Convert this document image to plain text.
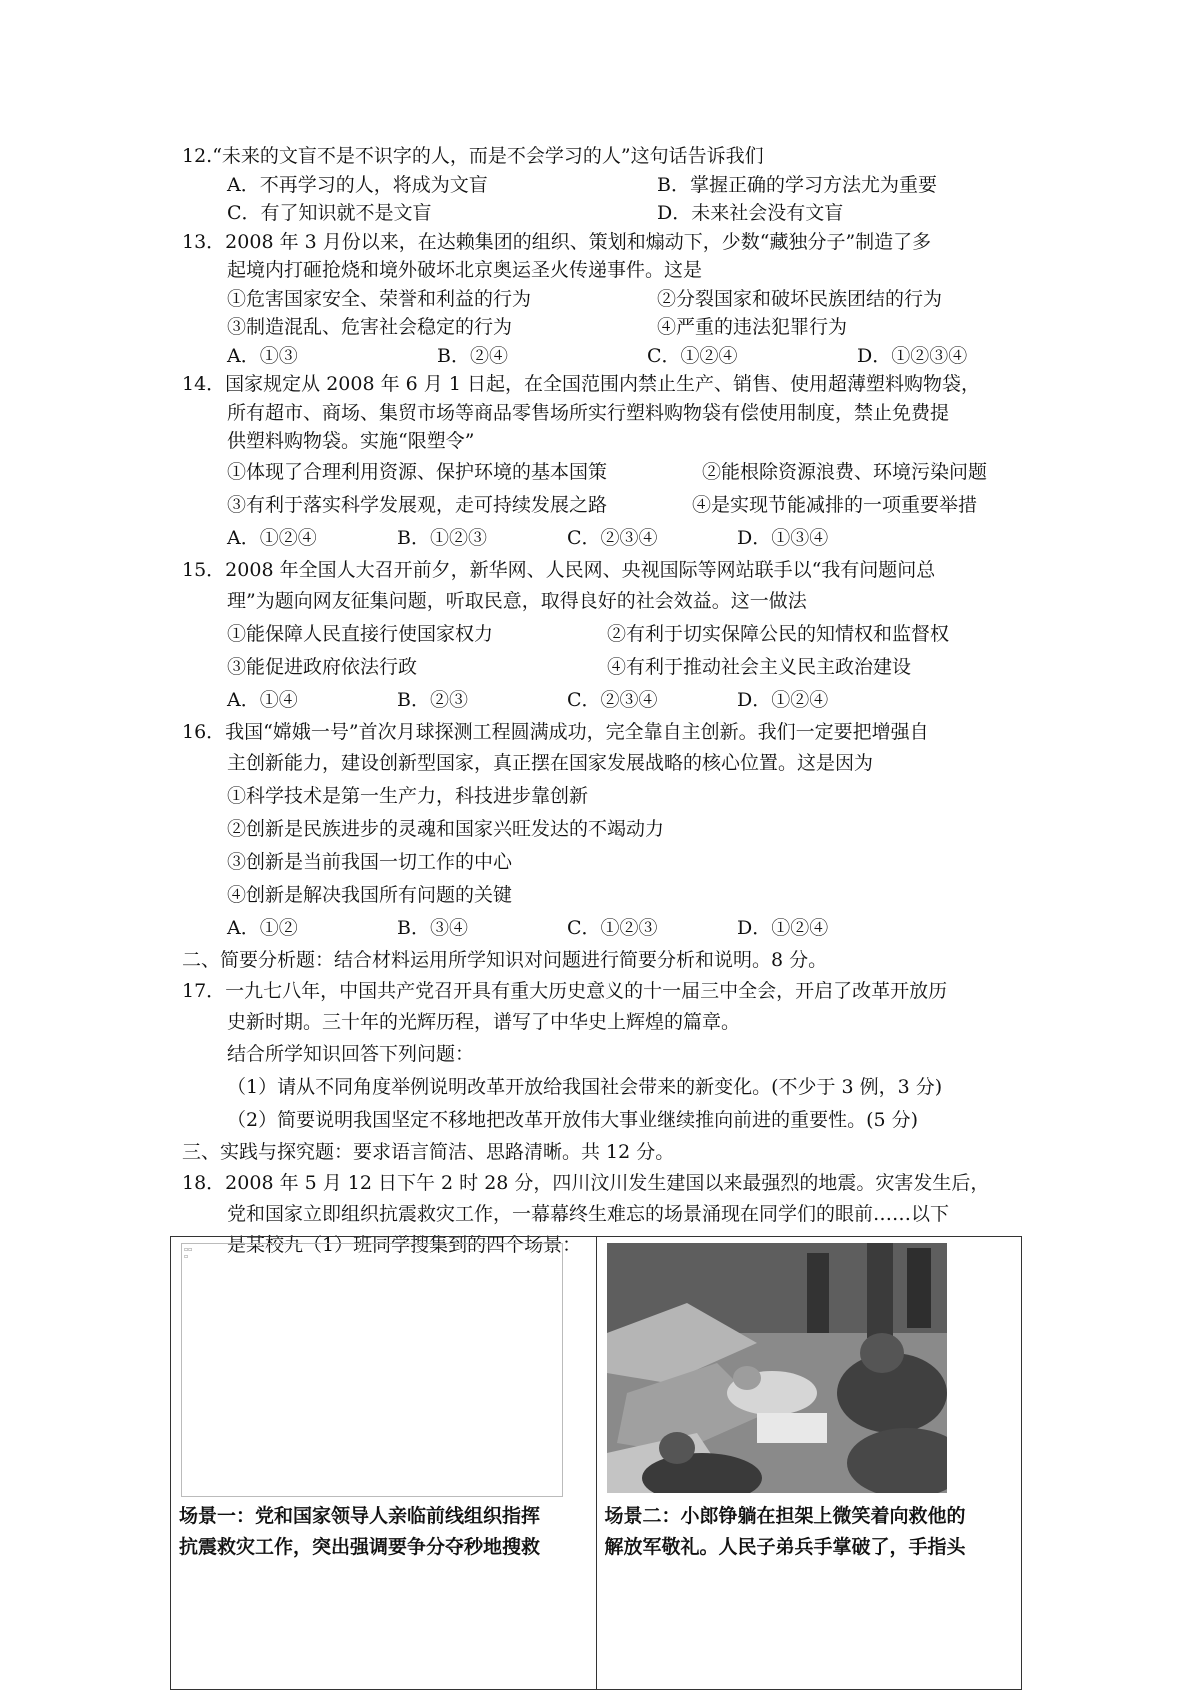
12.“未来的文盲不是不识字的人，而是不会学习的人”这句话告诉我们
A．不再学习的人，将成为文盲	B．掌握正确的学习方法尤为重要
C．有了知识就不是文盲	D．未来社会没有文盲
13．2008 年 3 月份以来，在达赖集团的组织、策划和煽动下，少数“藏独分子”制造了多
起境内打砸抢烧和境外破坏北京奥运圣火传递事件。这是
①危害国家安全、荣誉和利益的行为	②分裂国家和破坏民族团结的行为
③制造混乱、危害社会稳定的行为	④严重的违法犯罪行为
A．①③	B．②④	C．①②④	D．①②③④
14．国家规定从 2008 年 6 月 1 日起，在全国范围内禁止生产、销售、使用超薄塑料购物袋，
所有超市、商场、集贸市场等商品零售场所实行塑料购物袋有偿使用制度，禁止免费提
供塑料购物袋。实施“限塑令”
①体现了合理利用资源、保护环境的基本国策	②能根除资源浪费、环境污染问题
③有利于落实科学发展观，走可持续发展之路	④是实现节能减排的一项重要举措
A．①②④	B．①②③	C．②③④	D．①③④
15．2008 年全国人大召开前夕，新华网、人民网、央视国际等网站联手以“我有问题问总
理”为题向网友征集问题，听取民意，取得良好的社会效益。这一做法
①能保障人民直接行使国家权力	②有利于切实保障公民的知情权和监督权
③能促进政府依法行政	④有利于推动社会主义民主政治建设
A．①④	B．②③	C．②③④	D．①②④
16．我国“嫦娥一号”首次月球探测工程圆满成功，完全靠自主创新。我们一定要把增强自
主创新能力，建设创新型国家，真正摆在国家发展战略的核心位置。这是因为
①科学技术是第一生产力，科技进步靠创新
②创新是民族进步的灵魂和国家兴旺发达的不竭动力
③创新是当前我国一切工作的中心
④创新是解决我国所有问题的关键
A．①②	B．③④	C．①②③	D．①②④
二、简要分析题：结合材料运用所学知识对问题进行简要分析和说明。8 分。
17．一九七八年，中国共产党召开具有重大历史意义的十一届三中全会，开启了改革开放历
史新时期。三十年的光辉历程，谱写了中华史上辉煌的篇章。
结合所学知识回答下列问题：
（1）请从不同角度举例说明改革开放给我国社会带来的新变化。(不少于 3 例，3 分)
（2）简要说明我国坚定不移地把改革开放伟大事业继续推向前进的重要性。(5 分)
三、实践与探究题：要求语言简洁、思路清晰。共 12 分。
18．2008 年 5 月 12 日下午 2 时 28 分，四川汶川发生建国以来最强烈的地震。灾害发生后，
党和国家立即组织抗震救灾工作，一幕幕终生难忘的场景涌现在同学们的眼前……以下
是某校九（1）班同学搜集到的四个场景：
▫▫
▫
场景一：党和国家领导人亲临前线组织指挥
抗震救灾工作，突出强调要争分夺秒地搜救
场景二：小郎铮躺在担架上微笑着向救他的
解放军敬礼。人民子弟兵手掌破了，手指头
